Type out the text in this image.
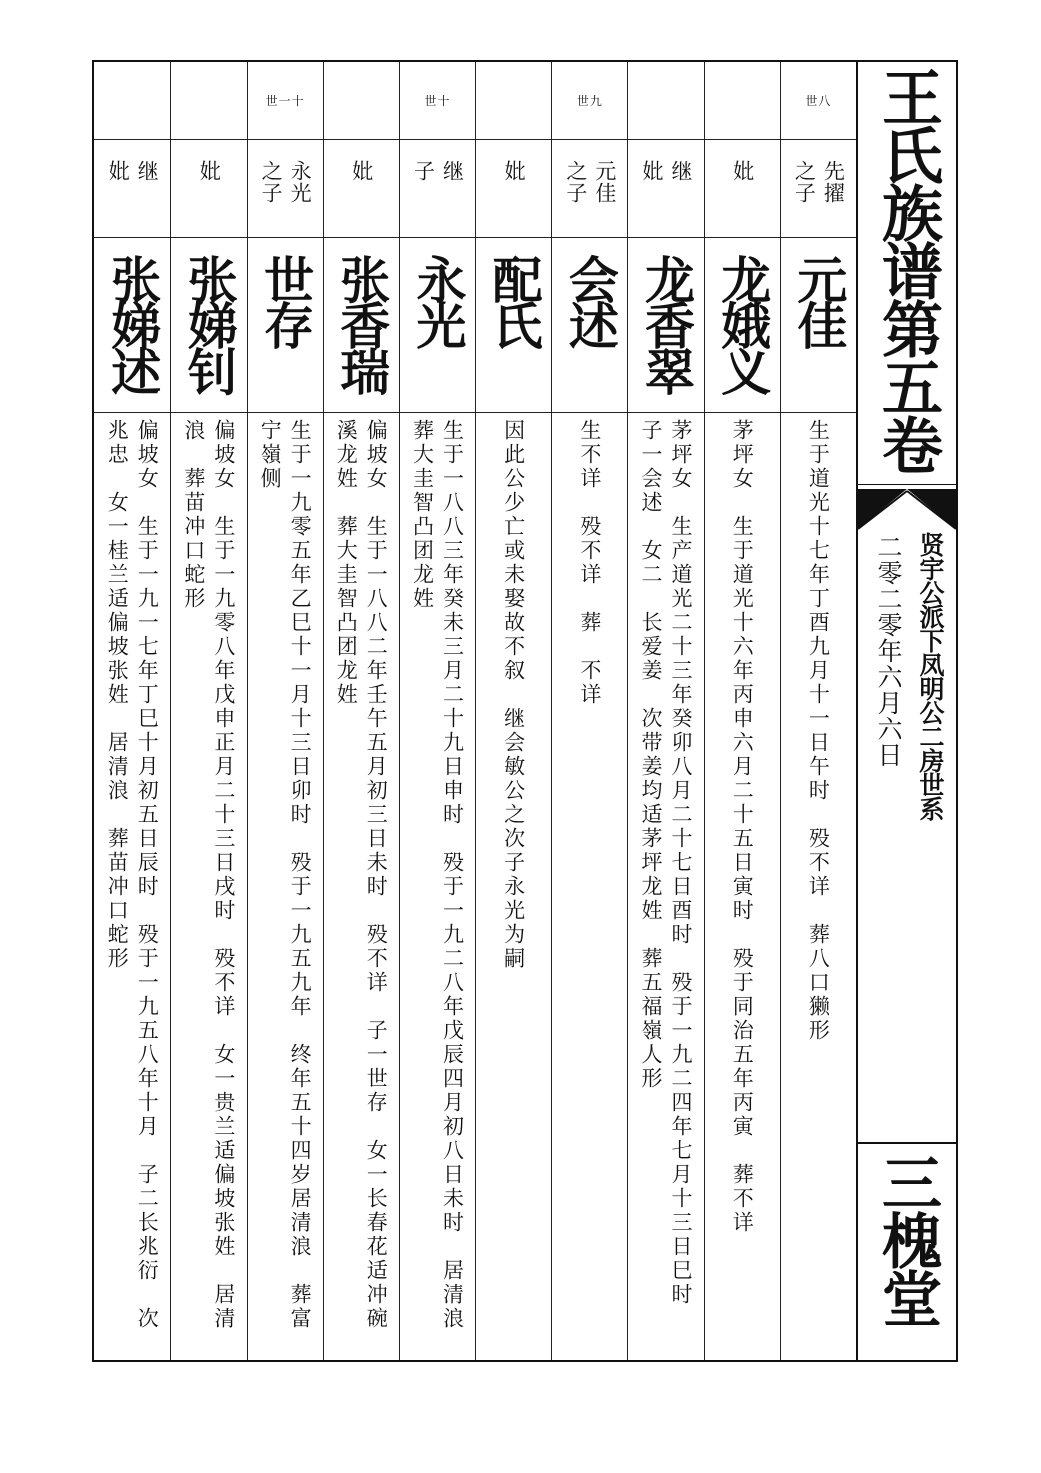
世八
先擢
之子
元佳
生于道光十七年丁酉九月十一日午时　殁不详　葬八口獭形
妣
龙娥义
茅坪女　生于道光十六年丙申六月二十五日寅时　殁于同治五年丙寅　葬不详
继
妣
龙香翠
茅坪女　生产道光二十三年癸卯八月二十七日酉时　殁于一九二四年七月十三日巳时　子一会述　女二　长爱姜　次带姜均适茅坪龙姓　葬五福嶺人形
世九
元佳
之子
会述
生不详　殁不详　葬　不详
妣
配氏
因此公少亡或未娶故不叙　继会敏公之次子永光为嗣
世十
继
子
永光
生于一八八三年癸未三月二十九日申时　殁于一九二八年戊辰四月初八日未时　居清浪　葬大圭智凸团龙姓
妣
张香瑞
偏坡女　生于一八八二年壬午五月初三日未时　殁不详　子一世存　女一长春花适冲碗溪龙姓　葬大圭智凸团龙姓
世一十
永光
之子
世存
生于一九零五年乙巳十一月十三日卯时　殁于一九五九年　终年五十四岁居清浪　葬富宁嶺侧
妣
张娣钊
偏坡女　生于一九零八年戊申正月二十三日戌时　殁不详　女一贵兰适偏坡张姓　居清浪　葬苗冲口蛇形
继
妣
张娣述
偏坡女　生于一九一七年丁巳十月初五日辰时　殁于一九五八年十月　子二长兆衍　次兆忠　女一桂兰适偏坡张姓　居清浪　葬苗冲口蛇形
王氏族谱第五卷
贤宇公派下凤明公二房世系
二零二零年六月六日
三槐堂
